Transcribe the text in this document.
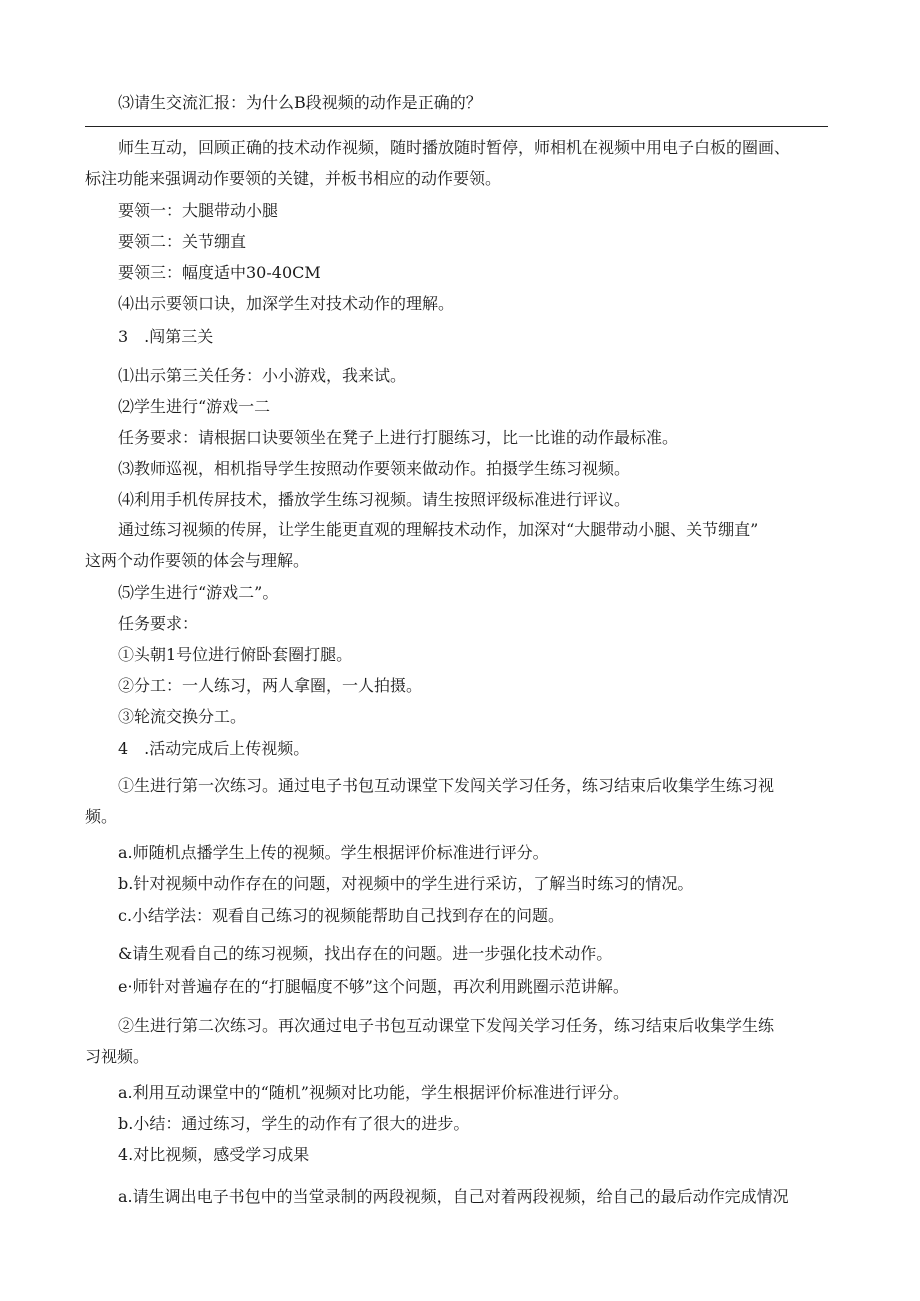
⑶请生交流汇报：为什么B段视频的动作是正确的？
师生互动，回顾正确的技术动作视频，随时播放随时暂停，师相机在视频中用电子白板的圈画、
标注功能来强调动作要领的关键，并板书相应的动作要领。
要领一：大腿带动小腿
要领二：关节绷直
要领三：幅度适中30-40CM
⑷出示要领口诀，加深学生对技术动作的理解。
3　.闯第三关
⑴出示第三关任务：小小游戏，我来试。
⑵学生进行“游戏一二
任务要求：请根据口诀要领坐在凳子上进行打腿练习，比一比谁的动作最标准。
⑶教师巡视，相机指导学生按照动作要领来做动作。拍摄学生练习视频。
⑷利用手机传屏技术，播放学生练习视频。请生按照评级标准进行评议。
通过练习视频的传屏，让学生能更直观的理解技术动作，加深对“大腿带动小腿、关节绷直”
这两个动作要领的体会与理解。
⑸学生进行“游戏二”。
任务要求：
①头朝1号位进行俯卧套圈打腿。
②分工：一人练习，两人拿圈，一人拍摄。
③轮流交换分工。
4　.活动完成后上传视频。
①生进行第一次练习。通过电子书包互动课堂下发闯关学习任务，练习结束后收集学生练习视
频。
a.师随机点播学生上传的视频。学生根据评价标准进行评分。
b.针对视频中动作存在的问题，对视频中的学生进行采访，了解当时练习的情况。
c.小结学法：观看自己练习的视频能帮助自己找到存在的问题。
&请生观看自己的练习视频，找出存在的问题。进一步强化技术动作。
e·师针对普遍存在的“打腿幅度不够”这个问题，再次利用跳圈示范讲解。
②生进行第二次练习。再次通过电子书包互动课堂下发闯关学习任务，练习结束后收集学生练
习视频。
a.利用互动课堂中的“随机”视频对比功能，学生根据评价标准进行评分。
b.小结：通过练习，学生的动作有了很大的进步。
4.对比视频，感受学习成果
a.请生调出电子书包中的当堂录制的两段视频，自己对着两段视频，给自己的最后动作完成情况
